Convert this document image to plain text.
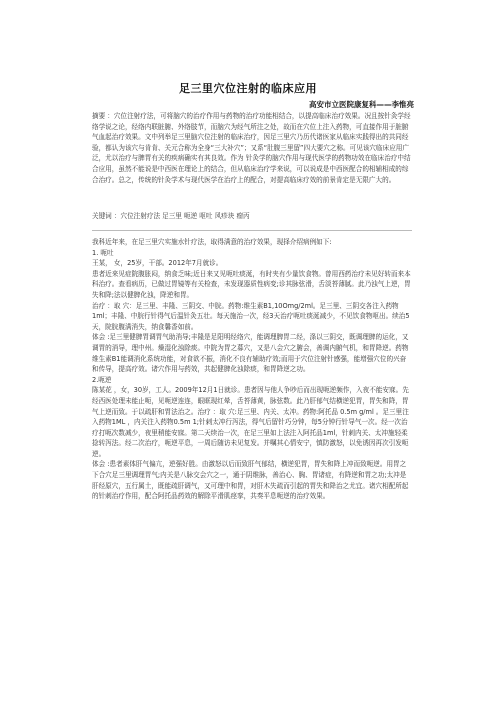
足三里穴位注射的临床应用
高安市立医院康复科——李惟亮

摘要 ：穴位注射疗法，可将脑穴的治疗作用与药物的治疗功能相结合，以提高临床治疗效果。况且按针灸学经络学说之论，经络内联脏腑、外络肢节，而脑穴为经气所注之处，故而在穴位上注入药物，可直接作用于脏腑气血起治疗效果。文中列举足三里脑穴位注射的临床治疗，因足三里穴乃历代诸医家从临床实践得出的共同经验，都认为该穴与肯肯、关元合称为全身“三大补穴”；又系“肚腹三里留”四大要穴之称。可见该穴临床应用广泛，尤以治疗与脾胃有关的疾病确实有其良效。作为 针灸学的脑穴作用与现代医学的药物功效在临床治疗中结合应用，虽然不能说是中西医在理论上的结合，但从临床治疗学来说，可以说成是中西医配合的相辅相成的综合治疗。总之，传统的针灸学术与现代医学在治疗上的配合，对提高临床疗效的前景肯定是无限广大的。

关键词 ：穴位注射疗法 足三里 呃逆 呕吐 风疹块 瘤丙

我科近年来，在足三里穴实施水针疗法，取得满意的治疗效果，现择介绍病例如下:
1. 呃吐
王某， 女，25岁，干部。2012年7月就诊。
患者近来见症院腹胀闷，纳食乏味;近日来又见呃吐痰涎，有时夹有少量饮食物。曾用西药治疗未见好转而来本科治疗。查看病历，已做过胃镜等有关检查，未发现器质性病变;诊其脉弦滑，舌淡苔薄腻。此乃浊气上逆，胃失和降;法以健脾化浊，降逆和胃。
治疗 ：取 穴：足三里、丰隆、三阴交、中脘。药物:维生素B1,10Omg/2ml。足三里、三阴交各注入药物1ml；丰隆、中脘行针得气后温针灸五壮。每天施治一次，经3天治疗呃吐痰涎减少，不见饮食物呕出。续治5天，院脘腹满消失，纳食馨香如前。
体会 :足三里健脾胃调胃气助消导;丰隆是足阳明经络穴，能调理脾胃二经，涤以三阴交，既调理脾的运化，又调胃的消导，理中州。燥湿化浊除痰。中院为胃之募穴，又是八会穴之腑会，善调内腑气机，和胃降逆。药物维生素B1能调消化系统功能，对食欲不振，消化不良有辅助疗效;而用于穴位注射针感强，能增强穴位的兴奋和传导，提高疗效。诸穴作用与药效，共起健脾化浊除痰，和胃降逆之功。
2.呃逆
陈某花 ，女，30岁，工人。2009年12月1日就诊。患者因与他人争吵后而出现呃逆频作，入夜不能安寐。先经西医处理未能止呃，见呃逆连连，眼眶现红晕，舌苔薄黄，脉弦数。此乃肝郁气结横逆犯胃，胃失和降，胃气上逆而致。于以疏肝和胃法治之。治疗 ：取 穴:足三里、内关、太冲。药物:阿托品 0.5m g/ml 。足三里注入药物1ML ，内关注入药物0.5m 1;针刺太冲行泻法，得气后留针巧分钟，每5分钟行针导气一次。经一次治疗打呃次数减少，夜里稍能安寐。第二天续治一次，在足三里如上法注入阿托品1ml，针刺内关、太冲施轻柔捻转泻法。经二次治疗，呃逆平息，一周后随访未见复发。并嘱其心情安宁，慎防激怒，以免诱因再次引发呃逆。
体会 :患者素体肝气偏亢，逆强好胜。由激怒以后而致肝气郁结，横逆犯胃，胃失和降上冲而致呃逆。用胃之下合穴足三里调理胃气;内关是八脉交会穴之一，通于阴维脉，善治心、胸、胃诸症，有降逆和胃之功;太冲是肝经原穴，五行属土，既能疏肝调气，又可理中和胃，对肝木失疏而引起的胃失和降治之尤宜。诸穴相配所起的针刺治疗作用，配合阿托品药效的解除平滑肌痉挛，共奏平息呃逆的治疗效果。
